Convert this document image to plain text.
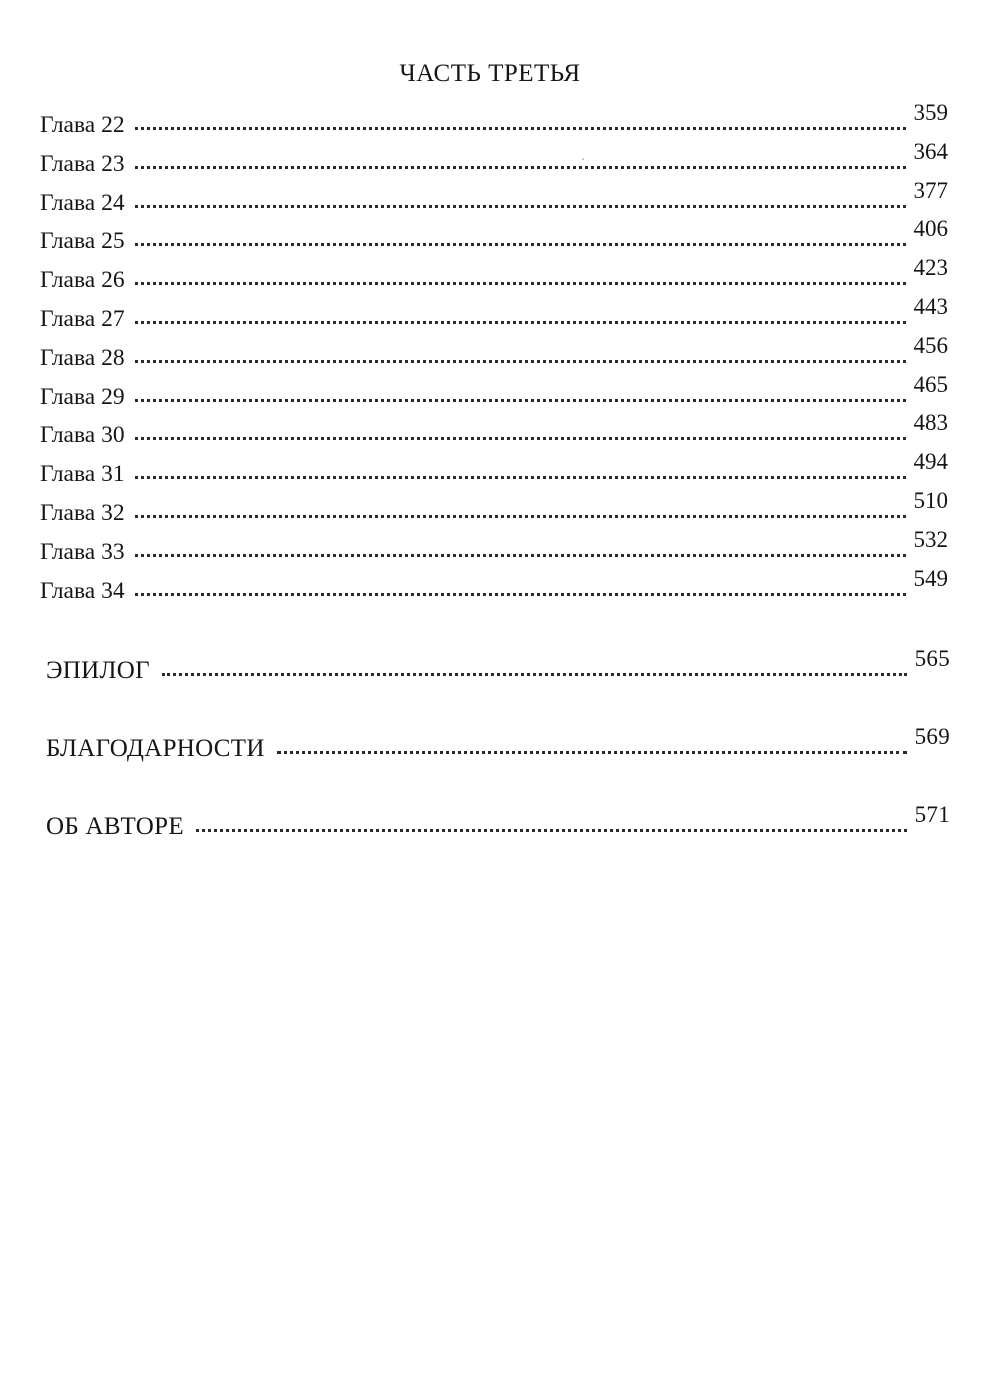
ЧАСТЬ ТРЕТЬЯ
Глава 22	359
Глава 23	364
Глава 24	377
Глава 25	406
Глава 26	423
Глава 27	443
Глава 28	456
Глава 29	465
Глава 30	483
Глава 31	494
Глава 32	510
Глава 33	532
Глава 34	549
ЭПИЛОГ	565
БЛАГОДАРНОСТИ	569
ОБ АВТОРЕ	571
